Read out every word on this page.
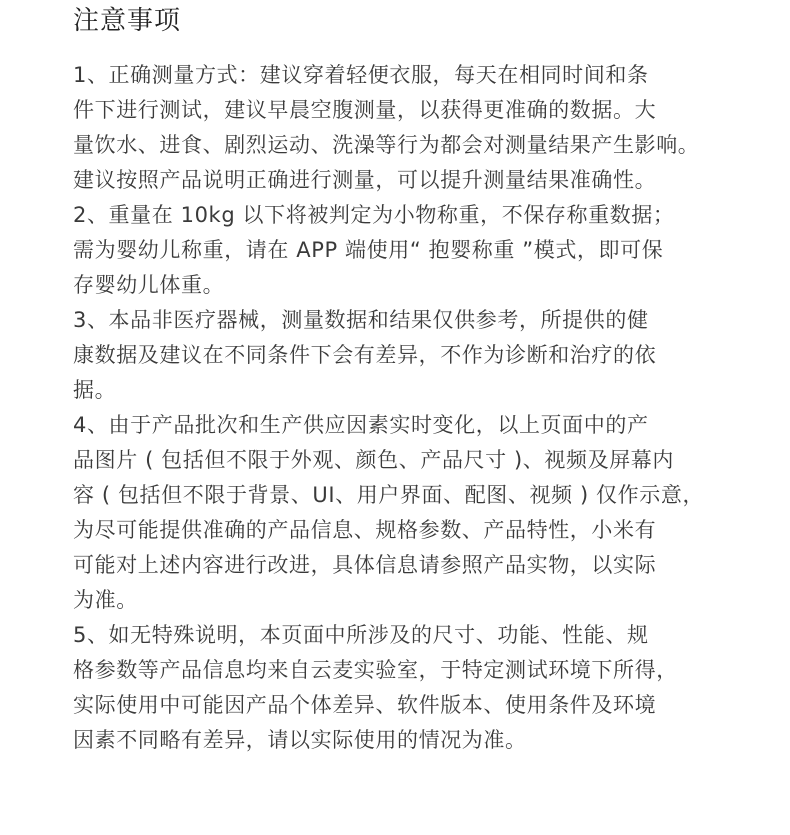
注意事项
1、正确测量方式：建议穿着轻便衣服，每天在相同时间和条
件下进行测试，建议早晨空腹测量，以获得更准确的数据。大
量饮水、进食、剧烈运动、洗澡等行为都会对测量结果产生影响。
建议按照产品说明正确进行测量，可以提升测量结果准确性。
2、重量在 10kg 以下将被判定为小物称重，不保存称重数据；
需为婴幼儿称重，请在 APP 端使用“ 抱婴称重 ”模式，即可保
存婴幼儿体重。
3、本品非医疗器械，测量数据和结果仅供参考，所提供的健
康数据及建议在不同条件下会有差异，不作为诊断和治疗的依
据。
4、由于产品批次和生产供应因素实时变化，以上页面中的产
品图片 ( 包括但不限于外观、颜色、产品尺寸 )、视频及屏幕内
容 ( 包括但不限于背景、UI、用户界面、配图、视频 ) 仅作示意，
为尽可能提供准确的产品信息、规格参数、产品特性，小米有
可能对上述内容进行改进，具体信息请参照产品实物，以实际
为准。
5、如无特殊说明，本页面中所涉及的尺寸、功能、性能、规
格参数等产品信息均来自云麦实验室，于特定测试环境下所得，
实际使用中可能因产品个体差异、软件版本、使用条件及环境
因素不同略有差异，请以实际使用的情况为准。
